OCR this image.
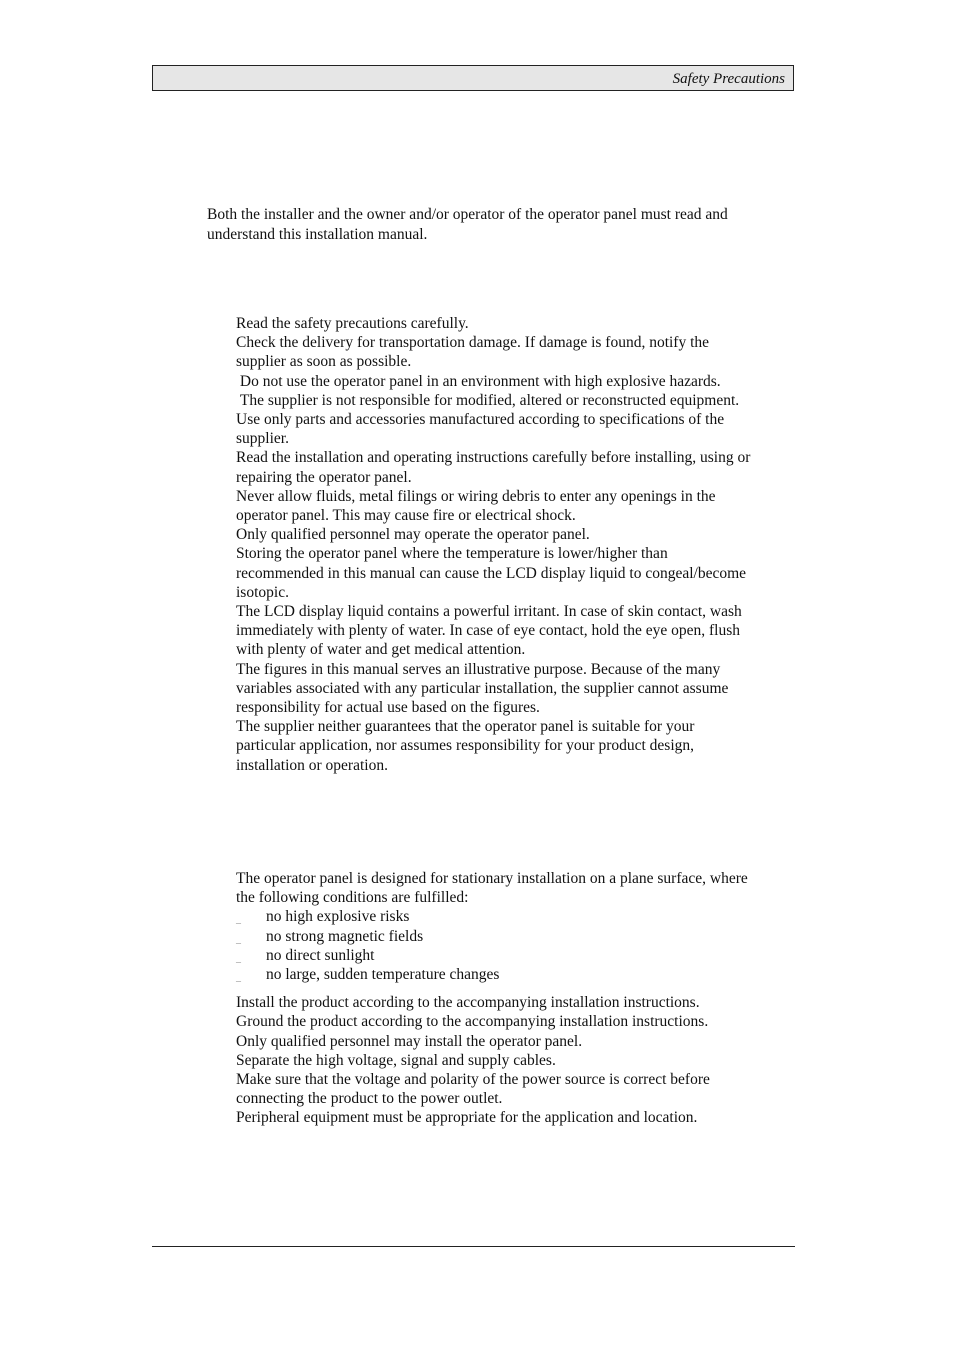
Safety Precautions

Both the installer and the owner and/or operator of the operator panel must read and understand this installation manual.

Read the safety precautions carefully.

Check the delivery for transportation damage. If damage is found, notify the supplier as soon as possible.

Do not use the operator panel in an environment with high explosive hazards.

The supplier is not responsible for modified, altered or reconstructed equipment.

Use only parts and accessories manufactured according to specifications of the supplier.

Read the installation and operating instructions carefully before installing, using or repairing the operator panel.

Never allow fluids, metal filings or wiring debris to enter any openings in the operator panel. This may cause fire or electrical shock.

Only qualified personnel may operate the operator panel.

Storing the operator panel where the temperature is lower/higher than recommended in this manual can cause the LCD display liquid to congeal/become isotopic.

The LCD display liquid contains a powerful irritant. In case of skin contact, wash immediately with plenty of water. In case of eye contact, hold the eye open, flush with plenty of water and get medical attention.

The figures in this manual serves an illustrative purpose. Because of the many variables associated with any particular installation, the supplier cannot assume responsibility for actual use based on the figures.

The supplier neither guarantees that the operator panel is suitable for your particular application, nor assumes responsibility for your product design, installation or operation.

The operator panel is designed for stationary installation on a plane surface, where the following conditions are fulfilled:

– no high explosive risks
– no strong magnetic fields
– no direct sunlight
– no large, sudden temperature changes

Install the product according to the accompanying installation instructions.

Ground the product according to the accompanying installation instructions.

Only qualified personnel may install the operator panel.

Separate the high voltage, signal and supply cables.

Make sure that the voltage and polarity of the power source is correct before connecting the product to the power outlet.

Peripheral equipment must be appropriate for the application and location.
